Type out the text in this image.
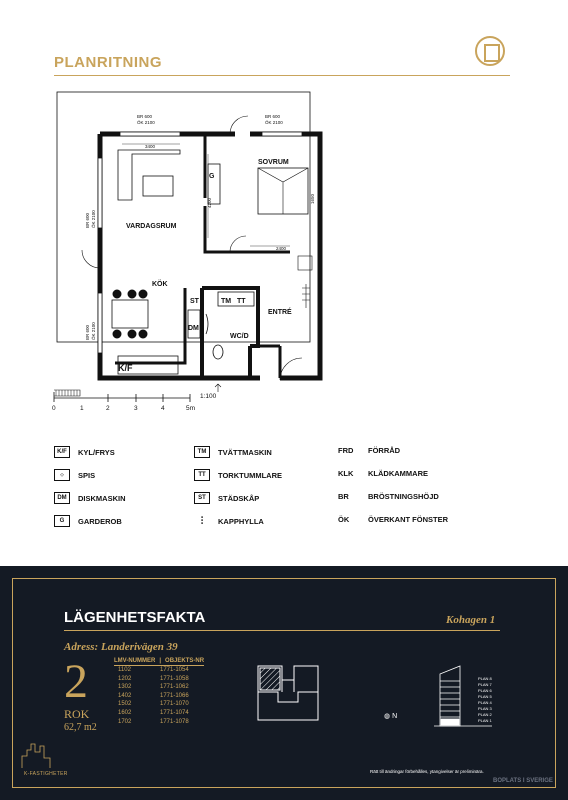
PLANRITNING
SOVRUM
VARDAGSRUM
KÖK
ENTRÉ
WC/D
G
ST	TM TT
DM
K/F
BR 600
ÖK 2100
BR 600
ÖK 2100
BR 600 ÖK 2100
BR 600 ÖK 2100
3400
4200
2400
1650
0	1	2	3	4	5m
1:100
K/F	KYL/FRYS
⁘	SPIS
DM	DISKMASKIN
G	GARDEROB
TM	TVÄTTMASKIN
TT	TORKTUMMLARE
ST	STÄDSKÅP
⫶	KAPPHYLLA
FRD	FÖRRÅD
KLK	KLÄDKAMMARE
BR	BRÖSTNINGSHÖJD
ÖK	ÖVERKANT FÖNSTER
LÄGENHETSFAKTA	Kohagen 1
Adress: Landerivägen 39
2
ROK
62,7 m2
LMV-NUMMER | OBJEKTS-NR
1102	1771-1054
1202	1771-1058
1302	1771-1062
1402	1771-1066
1502	1771-1070
1602	1771-1074
1702	1771-1078
◍ N
PLAN 8
PLAN 7
PLAN 6
PLAN 5
PLAN 4
PLAN 3
PLAN 2
PLAN 1
Rätt till ändringar förbehålles, ytangivelser är preliminära.
K-FASTIGHETER
BOPLATS I SVERIGE
